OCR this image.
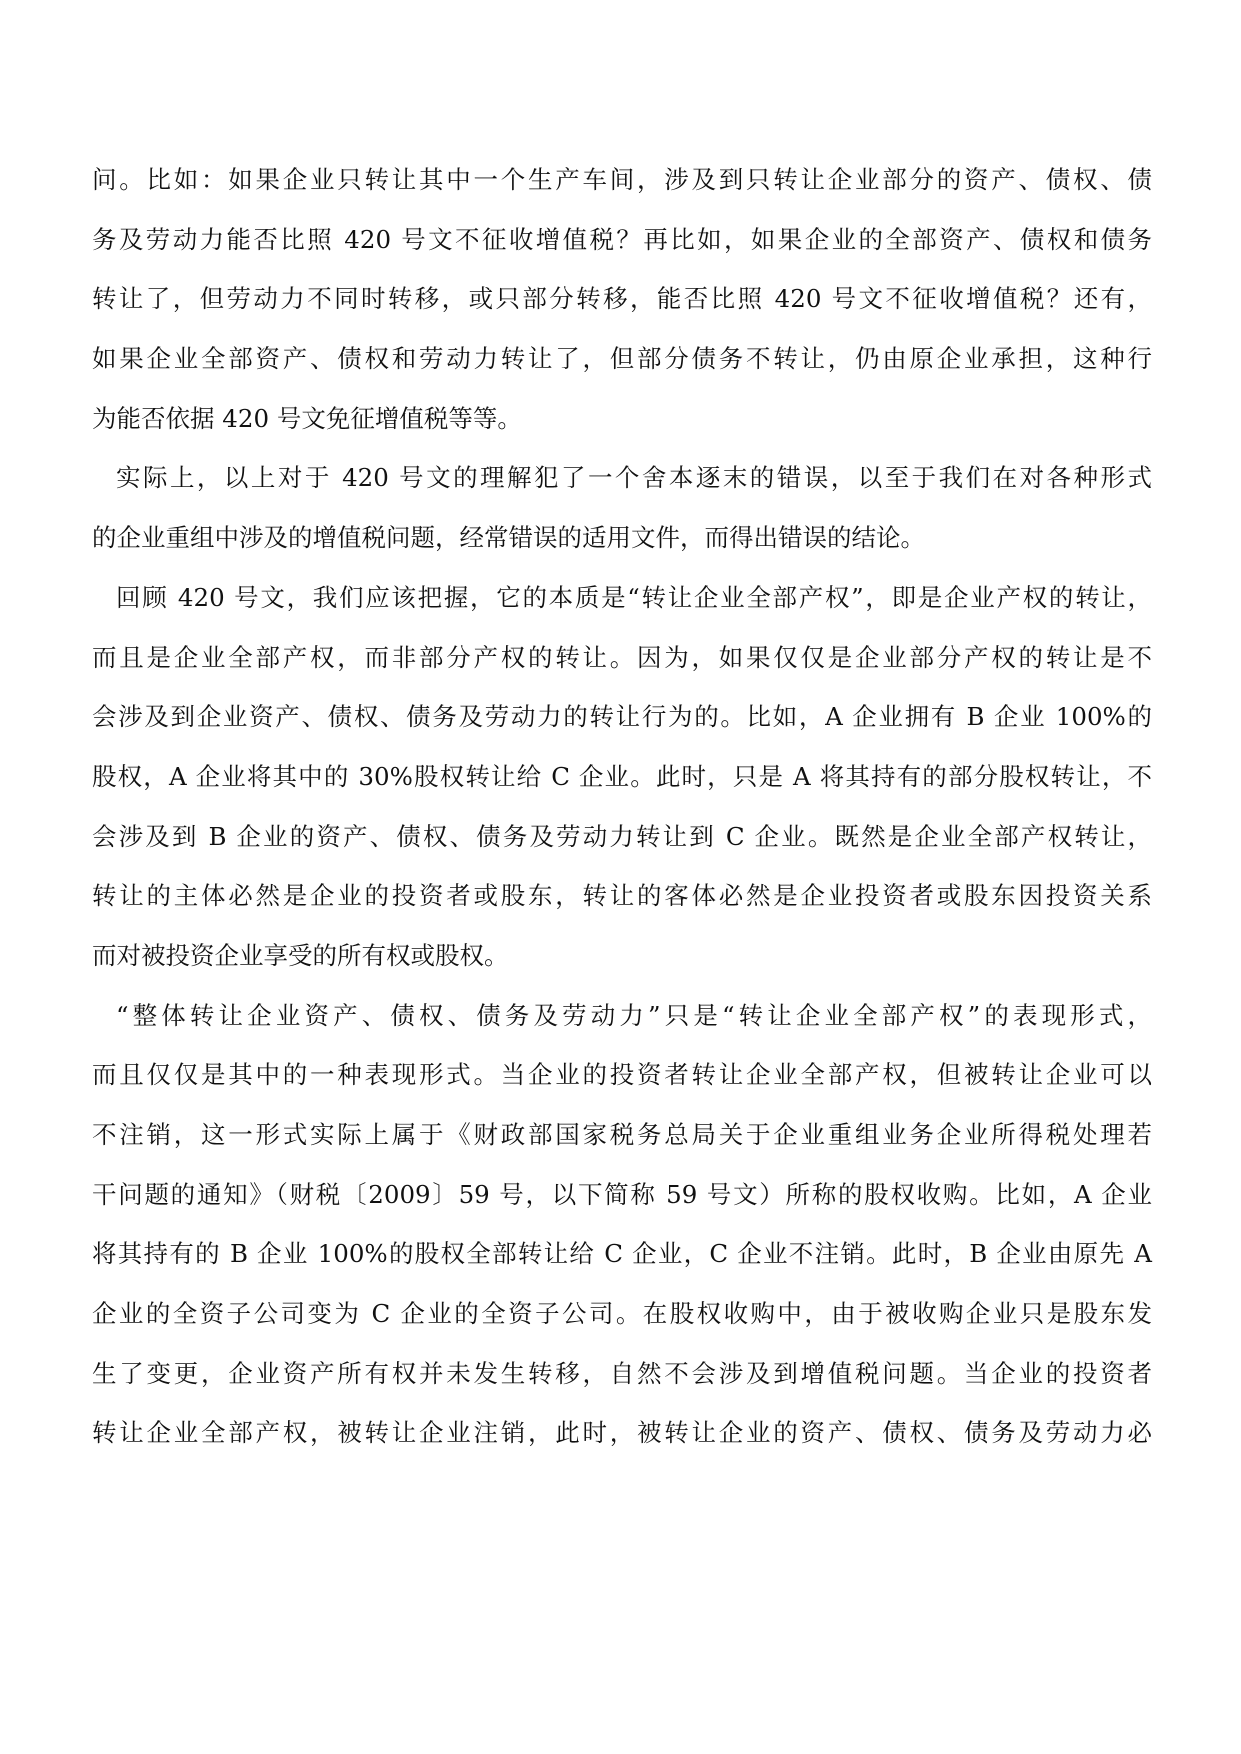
问。比如：如果企业只转让其中一个生产车间，涉及到只转让企业部分的资产、债权、债
务及劳动力能否比照 420 号文不征收增值税？再比如，如果企业的全部资产、债权和债务
转让了，但劳动力不同时转移，或只部分转移，能否比照 420 号文不征收增值税？还有，
如果企业全部资产、债权和劳动力转让了，但部分债务不转让，仍由原企业承担，这种行
为能否依据 420 号文免征增值税等等。
实际上，以上对于 420 号文的理解犯了一个舍本逐末的错误，以至于我们在对各种形式
的企业重组中涉及的增值税问题，经常错误的适用文件，而得出错误的结论。
回顾 420 号文，我们应该把握，它的本质是“转让企业全部产权”，即是企业产权的转让，
而且是企业全部产权，而非部分产权的转让。因为，如果仅仅是企业部分产权的转让是不
会涉及到企业资产、债权、债务及劳动力的转让行为的。比如，A 企业拥有 B 企业 100%的
股权，A 企业将其中的 30%股权转让给 C 企业。此时，只是 A 将其持有的部分股权转让，不
会涉及到 B 企业的资产、债权、债务及劳动力转让到 C 企业。既然是企业全部产权转让，
转让的主体必然是企业的投资者或股东，转让的客体必然是企业投资者或股东因投资关系
而对被投资企业享受的所有权或股权。
“整体转让企业资产、债权、债务及劳动力”只是“转让企业全部产权”的表现形式，
而且仅仅是其中的一种表现形式。当企业的投资者转让企业全部产权，但被转让企业可以
不注销，这一形式实际上属于《财政部国家税务总局关于企业重组业务企业所得税处理若
干问题的通知》（财税〔2009〕59 号，以下简称 59 号文）所称的股权收购。比如，A 企业
将其持有的 B 企业 100%的股权全部转让给 C 企业，C 企业不注销。此时，B 企业由原先 A
企业的全资子公司变为 C 企业的全资子公司。在股权收购中，由于被收购企业只是股东发
生了变更，企业资产所有权并未发生转移，自然不会涉及到增值税问题。当企业的投资者
转让企业全部产权，被转让企业注销，此时，被转让企业的资产、债权、债务及劳动力必
